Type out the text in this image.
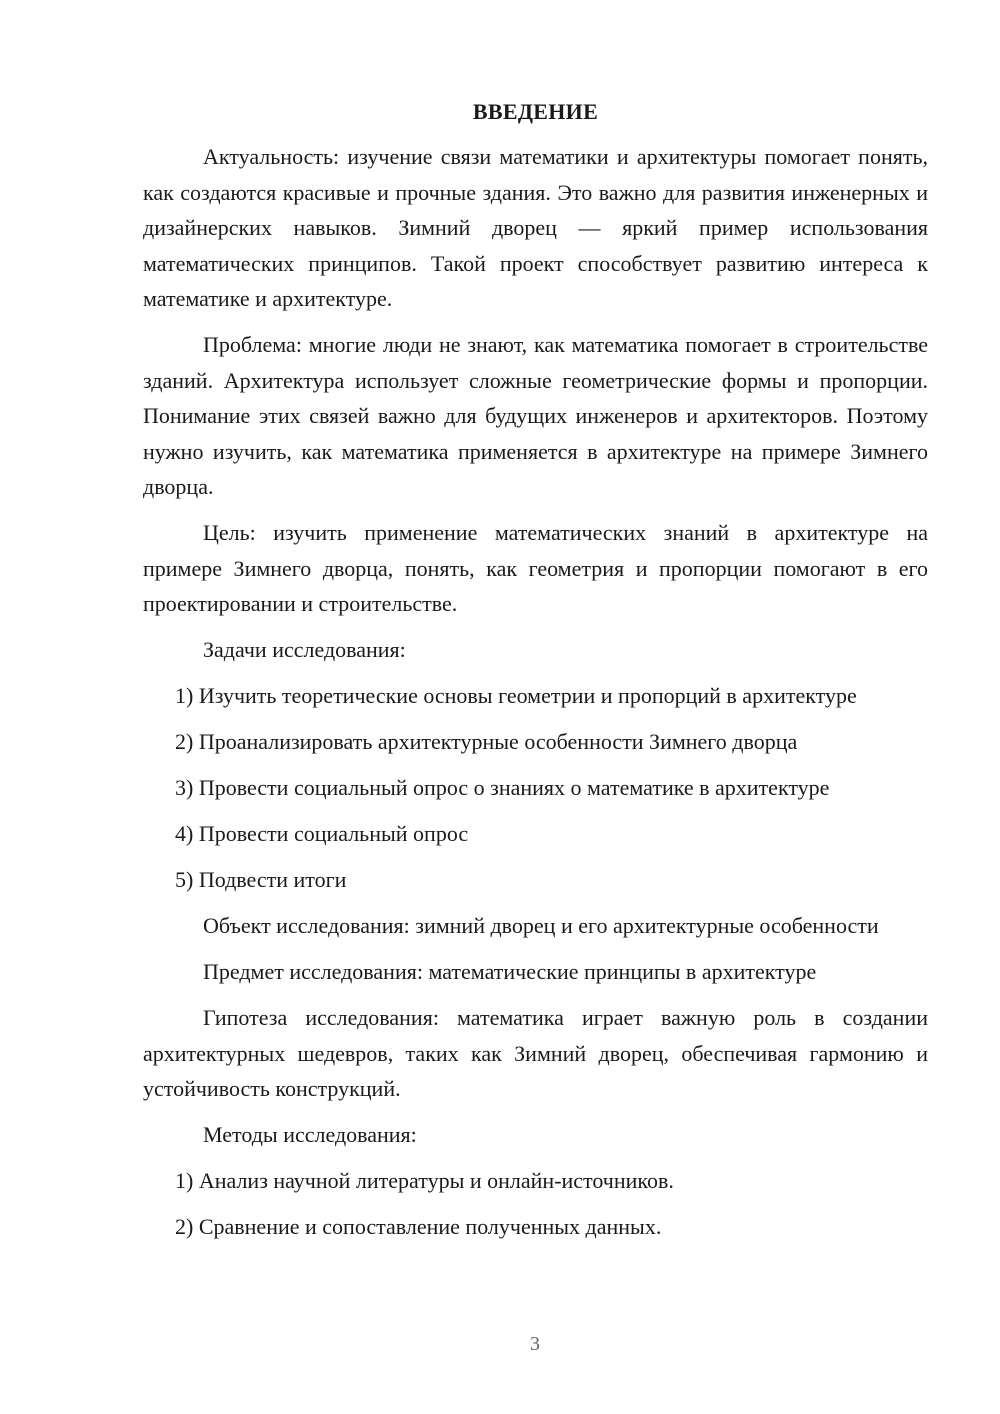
ВВЕДЕНИЕ

Актуальность: изучение связи математики и архитектуры помогает понять, как создаются красивые и прочные здания. Это важно для развития инженерных и дизайнерских навыков. Зимний дворец — яркий пример использования математических принципов. Такой проект способствует развитию интереса к математике и архитектуре.

Проблема: многие люди не знают, как математика помогает в строительстве зданий. Архитектура использует сложные геометрические формы и пропорции. Понимание этих связей важно для будущих инженеров и архитекторов. Поэтому нужно изучить, как математика применяется в архитектуре на примере Зимнего дворца.

Цель: изучить применение математических знаний в архитектуре на примере Зимнего дворца, понять, как геометрия и пропорции помогают в его проектировании и строительстве.

Задачи исследования:

1) Изучить теоретические основы геометрии и пропорций в архитектуре

2) Проанализировать архитектурные особенности Зимнего дворца

3) Провести социальный опрос о знаниях о математике в архитектуре

4) Провести социальный опрос

5) Подвести итоги

Объект исследования: зимний дворец и его архитектурные особенности

Предмет исследования: математические принципы в архитектуре

Гипотеза исследования: математика играет важную роль в создании архитектурных шедевров, таких как Зимний дворец, обеспечивая гармонию и устойчивость конструкций.

Методы исследования:

1) Анализ научной литературы и онлайн-источников.

2) Сравнение и сопоставление полученных данных.

3
